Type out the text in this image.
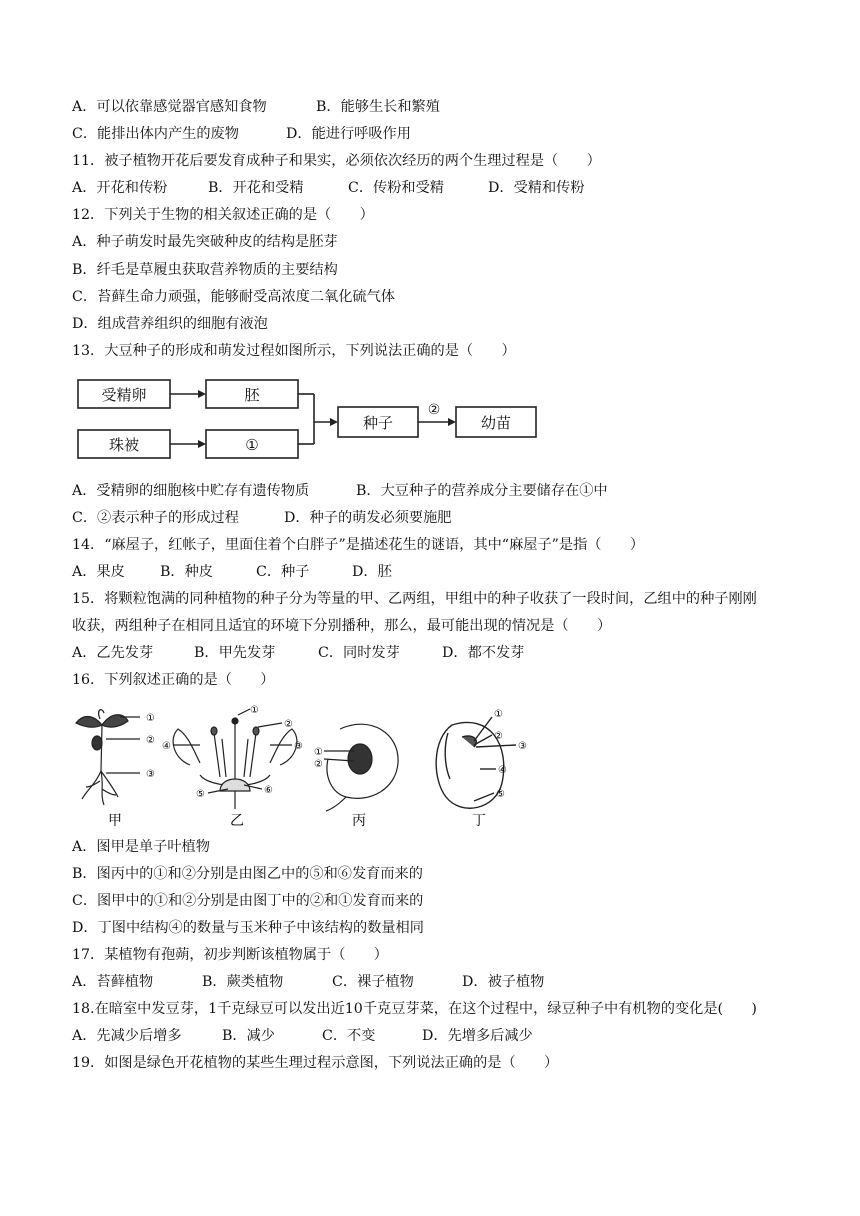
A．可以依靠感觉器官感知食物	B．能够生长和繁殖
C．能排出体内产生的废物	D．能进行呼吸作用
11．被子植物开花后要发育成种子和果实，必须依次经历的两个生理过程是（　　）
A．开花和传粉	B．开花和受精	C．传粉和受精	D．受精和传粉
12．下列关于生物的相关叙述正确的是（　　）
A．种子萌发时最先突破种皮的结构是胚芽
B．纤毛是草履虫获取营养物质的主要结构
C．苔藓生命力顽强，能够耐受高浓度二氧化硫气体
D．组成营养组织的细胞有液泡
13．大豆种子的形成和萌发过程如图所示，下列说法正确的是（　　）
受精卵	胚
珠被	①
种子	幼苗
②
A．受精卵的细胞核中贮存有遗传物质	B．大豆种子的营养成分主要储存在①中
C．②表示种子的形成过程	D．种子的萌发必须要施肥
14．“麻屋子，红帐子，里面住着个白胖子”是描述花生的谜语，其中“麻屋子”是指（　　）
A．果皮 B．种皮	C．种子	D．胚
15．将颗粒饱满的同种植物的种子分为等量的甲、乙两组，甲组中的种子收获了一段时间，乙组中的种子刚刚
收获，两组种子在相同且适宜的环境下分别播种，那么，最可能出现的情况是（　　）
A．乙先发芽	B．甲先发芽	C．同时发芽	D．都不发芽
16．下列叙述正确的是（　　）
①
②
③
①
②
③
④
⑤	⑥
①
②
①
②
③
④
⑤
甲	乙	丙	丁
A．图甲是单子叶植物
B．图丙中的①和②分别是由图乙中的⑤和⑥发育而来的
C．图甲中的①和②分别是由图丁中的②和①发育而来的
D．丁图中结构④的数量与玉米种子中该结构的数量相同
17．某植物有孢蒴，初步判断该植物属于（　　）
A．苔藓植物	B．蕨类植物	C．裸子植物	D．被子植物
18.在暗室中发豆芽，1千克绿豆可以发出近10千克豆芽菜，在这个过程中，绿豆种子中有机物的变化是(　　)
A．先减少后增多	B．减少	C．不变	D．先增多后减少
19．如图是绿色开花植物的某些生理过程示意图，下列说法正确的是（　　）
